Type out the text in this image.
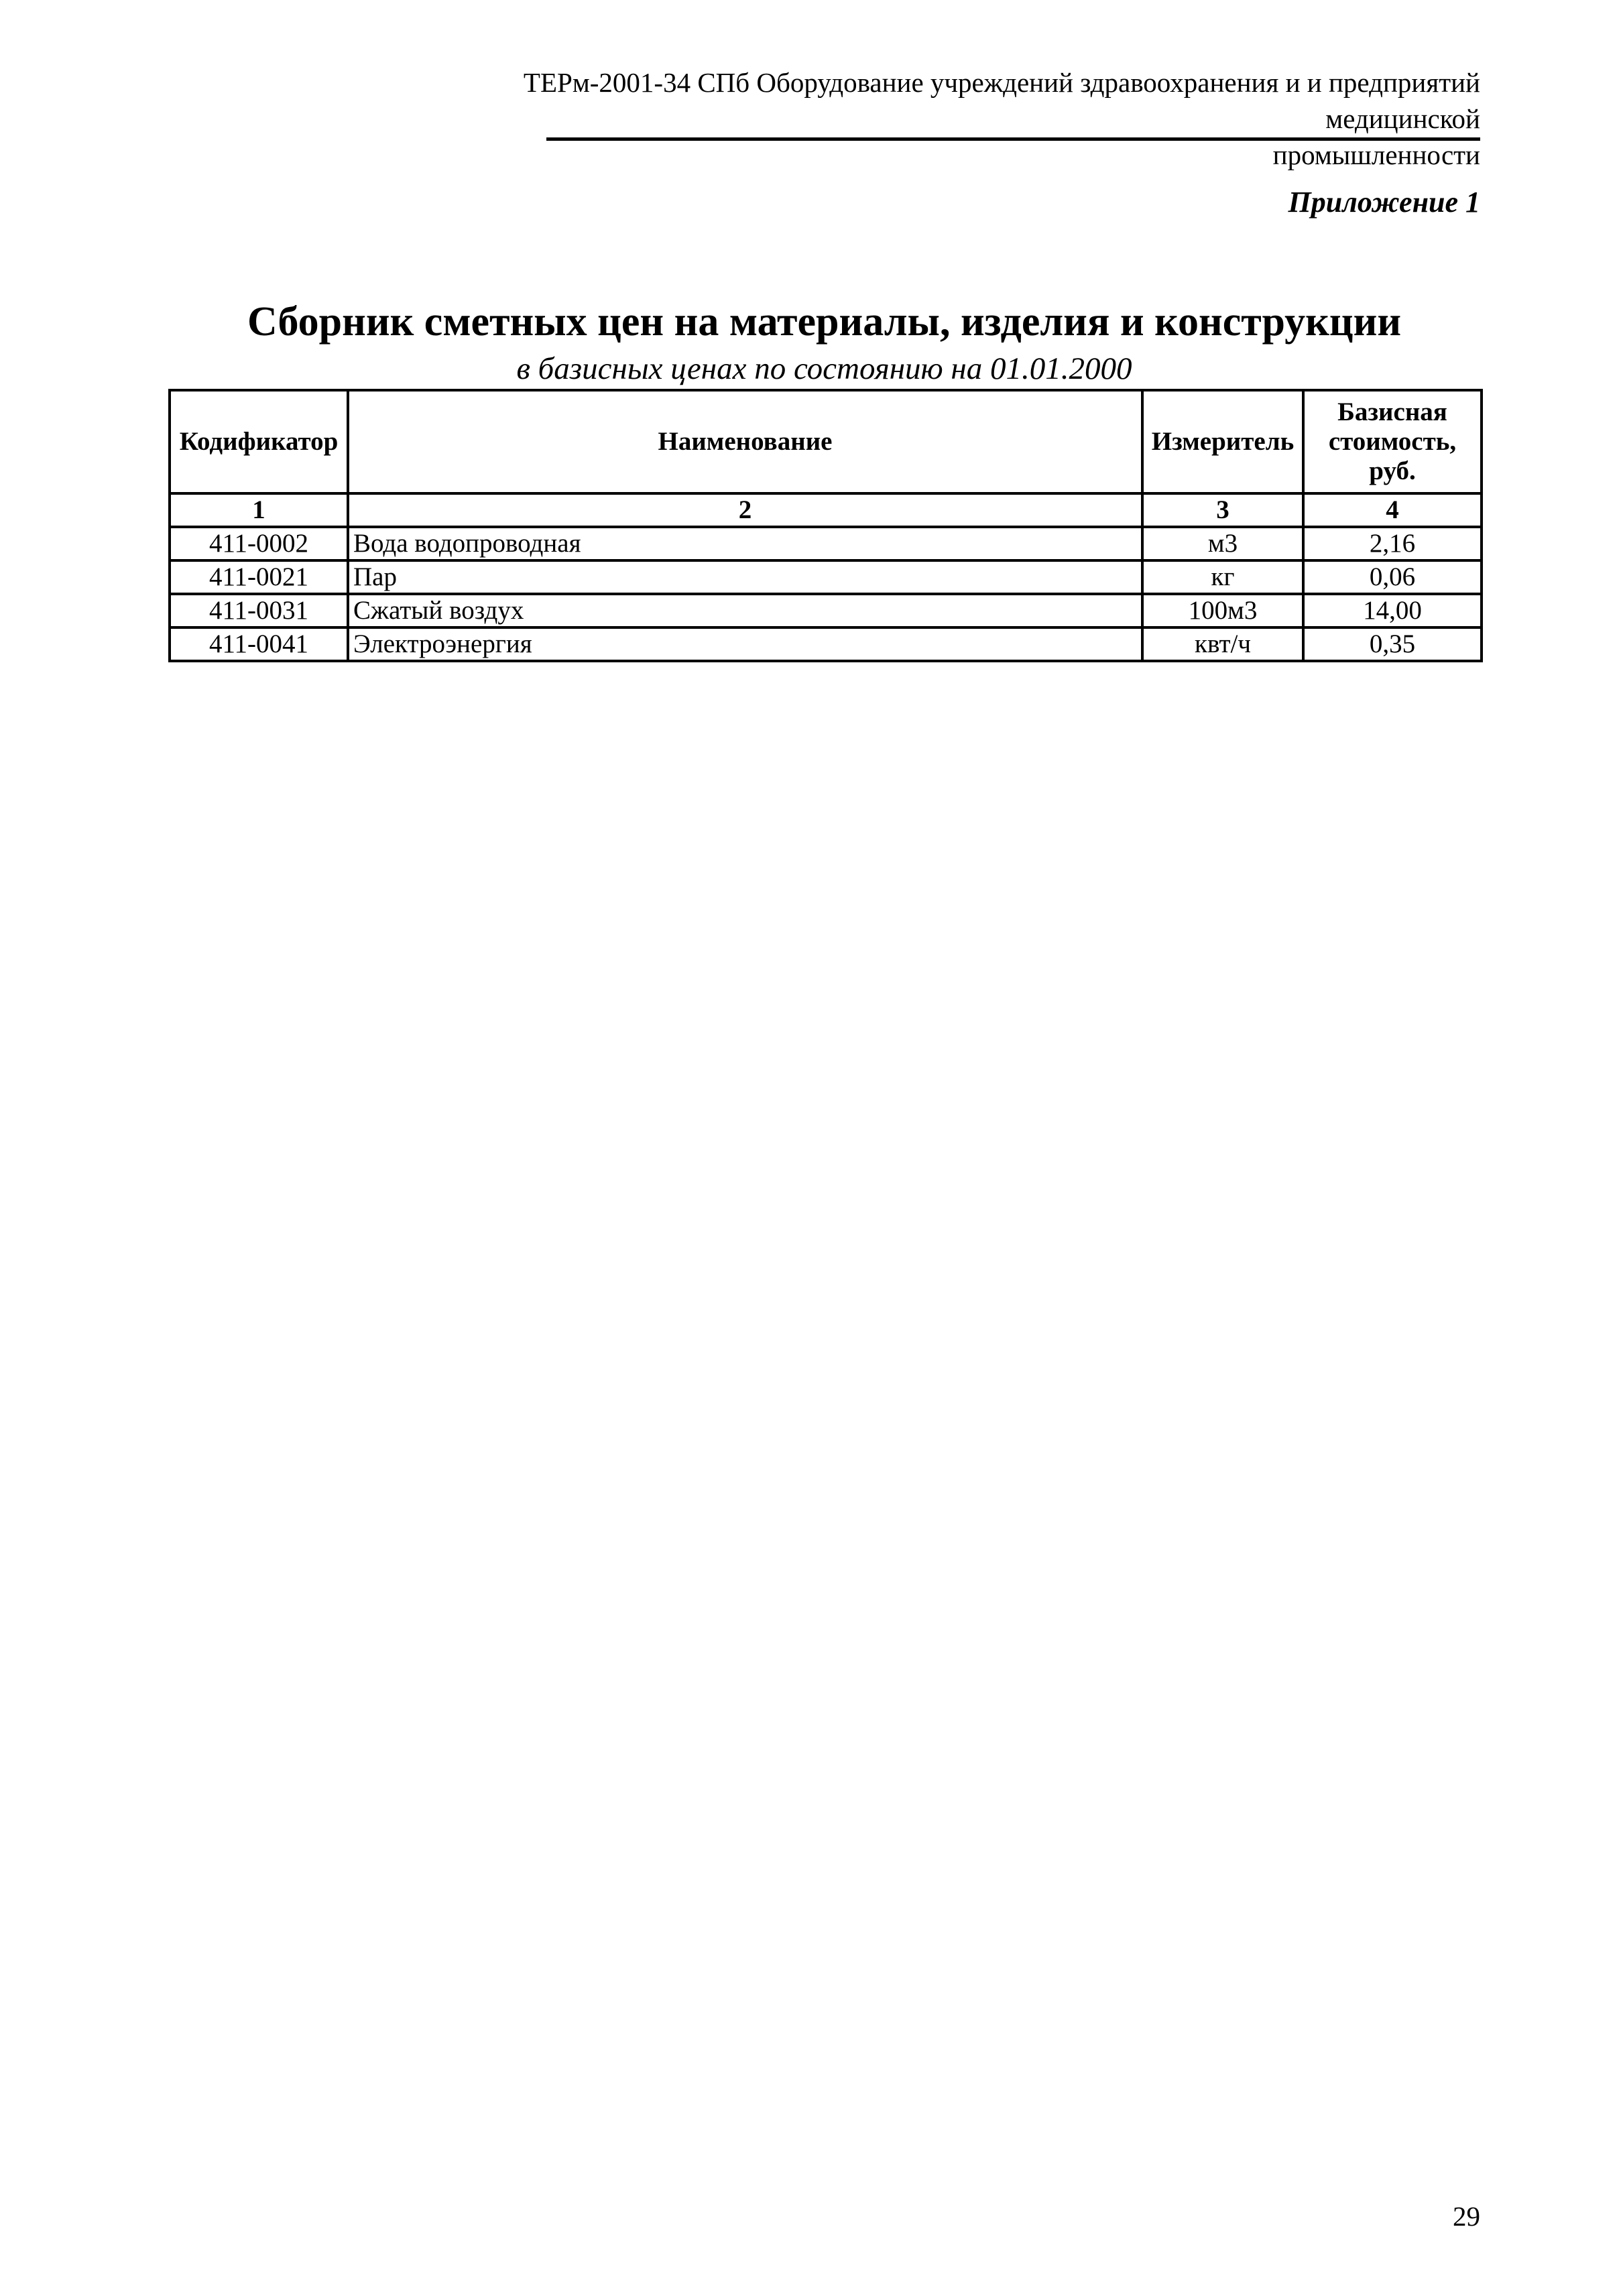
ТЕРм-2001-34 СПб Оборудование учреждений здравоохранения и и предприятий медицинской
промышленности
Приложение 1
Сборник сметных цен на материалы, изделия и конструкции
в базисных ценах по состоянию на 01.01.2000
Кодификатор	Наименование	Измеритель	Базисная стоимость, руб.
1	2	3	4
411-0002	Вода водопроводная	м3	2,16
411-0021	Пар	кг	0,06
411-0031	Сжатый воздух	100м3	14,00
411-0041	Электроэнергия	квт/ч	0,35
29
